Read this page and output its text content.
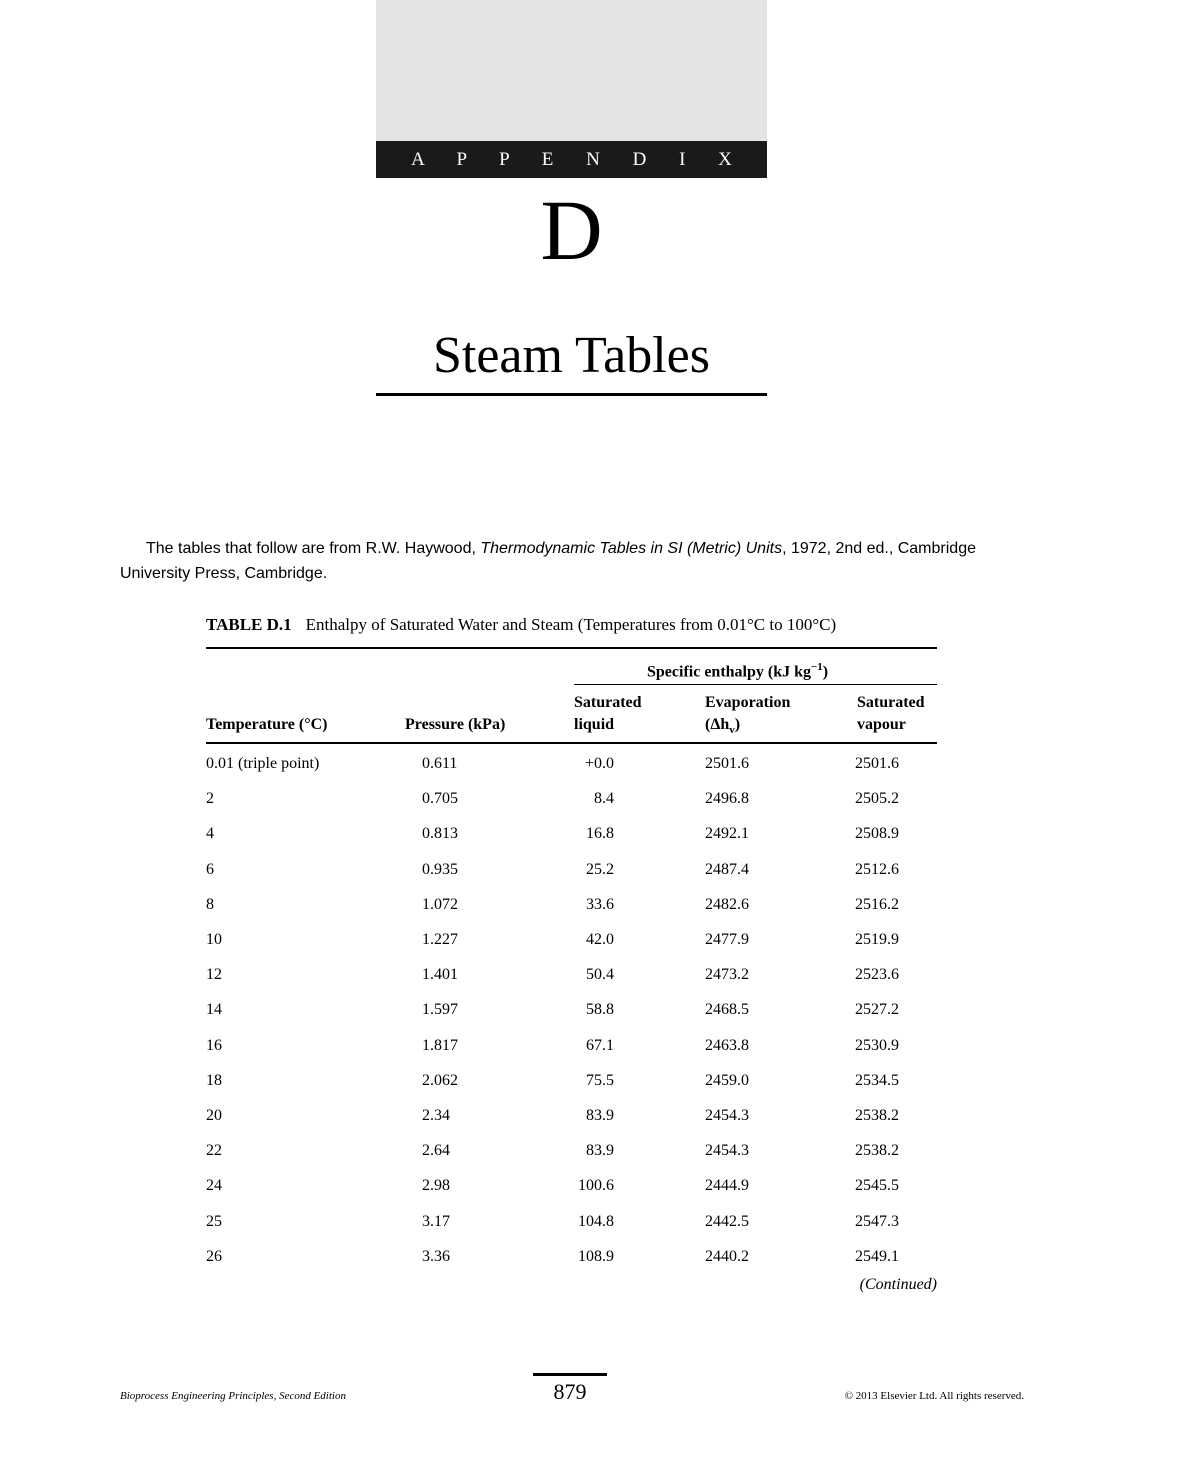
A P P E N D I X
D
Steam Tables

The tables that follow are from R.W. Haywood, Thermodynamic Tables in SI (Metric) Units, 1972, 2nd ed., Cambridge University Press, Cambridge.

TABLE D.1 Enthalpy of Saturated Water and Steam (Temperatures from 0.01°C to 100°C)
Specific enthalpy (kJ $kg^{-1}$)
Temperature (°C)	Pressure (kPa)
Saturated
liquid
Evaporation
$(\Delta h_v)$
Saturated
vapour
0.01 (triple point)	0.611	+0.0	2501.6	2501.6
2	0.705	8.4	2496.8	2505.2
4	0.813	16.8	2492.1	2508.9
6	0.935	25.2	2487.4	2512.6
8	1.072	33.6	2482.6	2516.2
10	1.227	42.0	2477.9	2519.9
12	1.401	50.4	2473.2	2523.6
14	1.597	58.8	2468.5	2527.2
16	1.817	67.1	2463.8	2530.9
18	2.062	75.5	2459.0	2534.5
20	2.34	83.9	2454.3	2538.2
22	2.64	83.9	2454.3	2538.2
24	2.98	100.6	2444.9	2545.5
25	3.17	104.8	2442.5	2547.3
26	3.36	108.9	2440.2	2549.1
(Continued)
Bioprocess Engineering Principles, Second Edition	879	© 2013 Elsevier Ltd. All rights reserved.
